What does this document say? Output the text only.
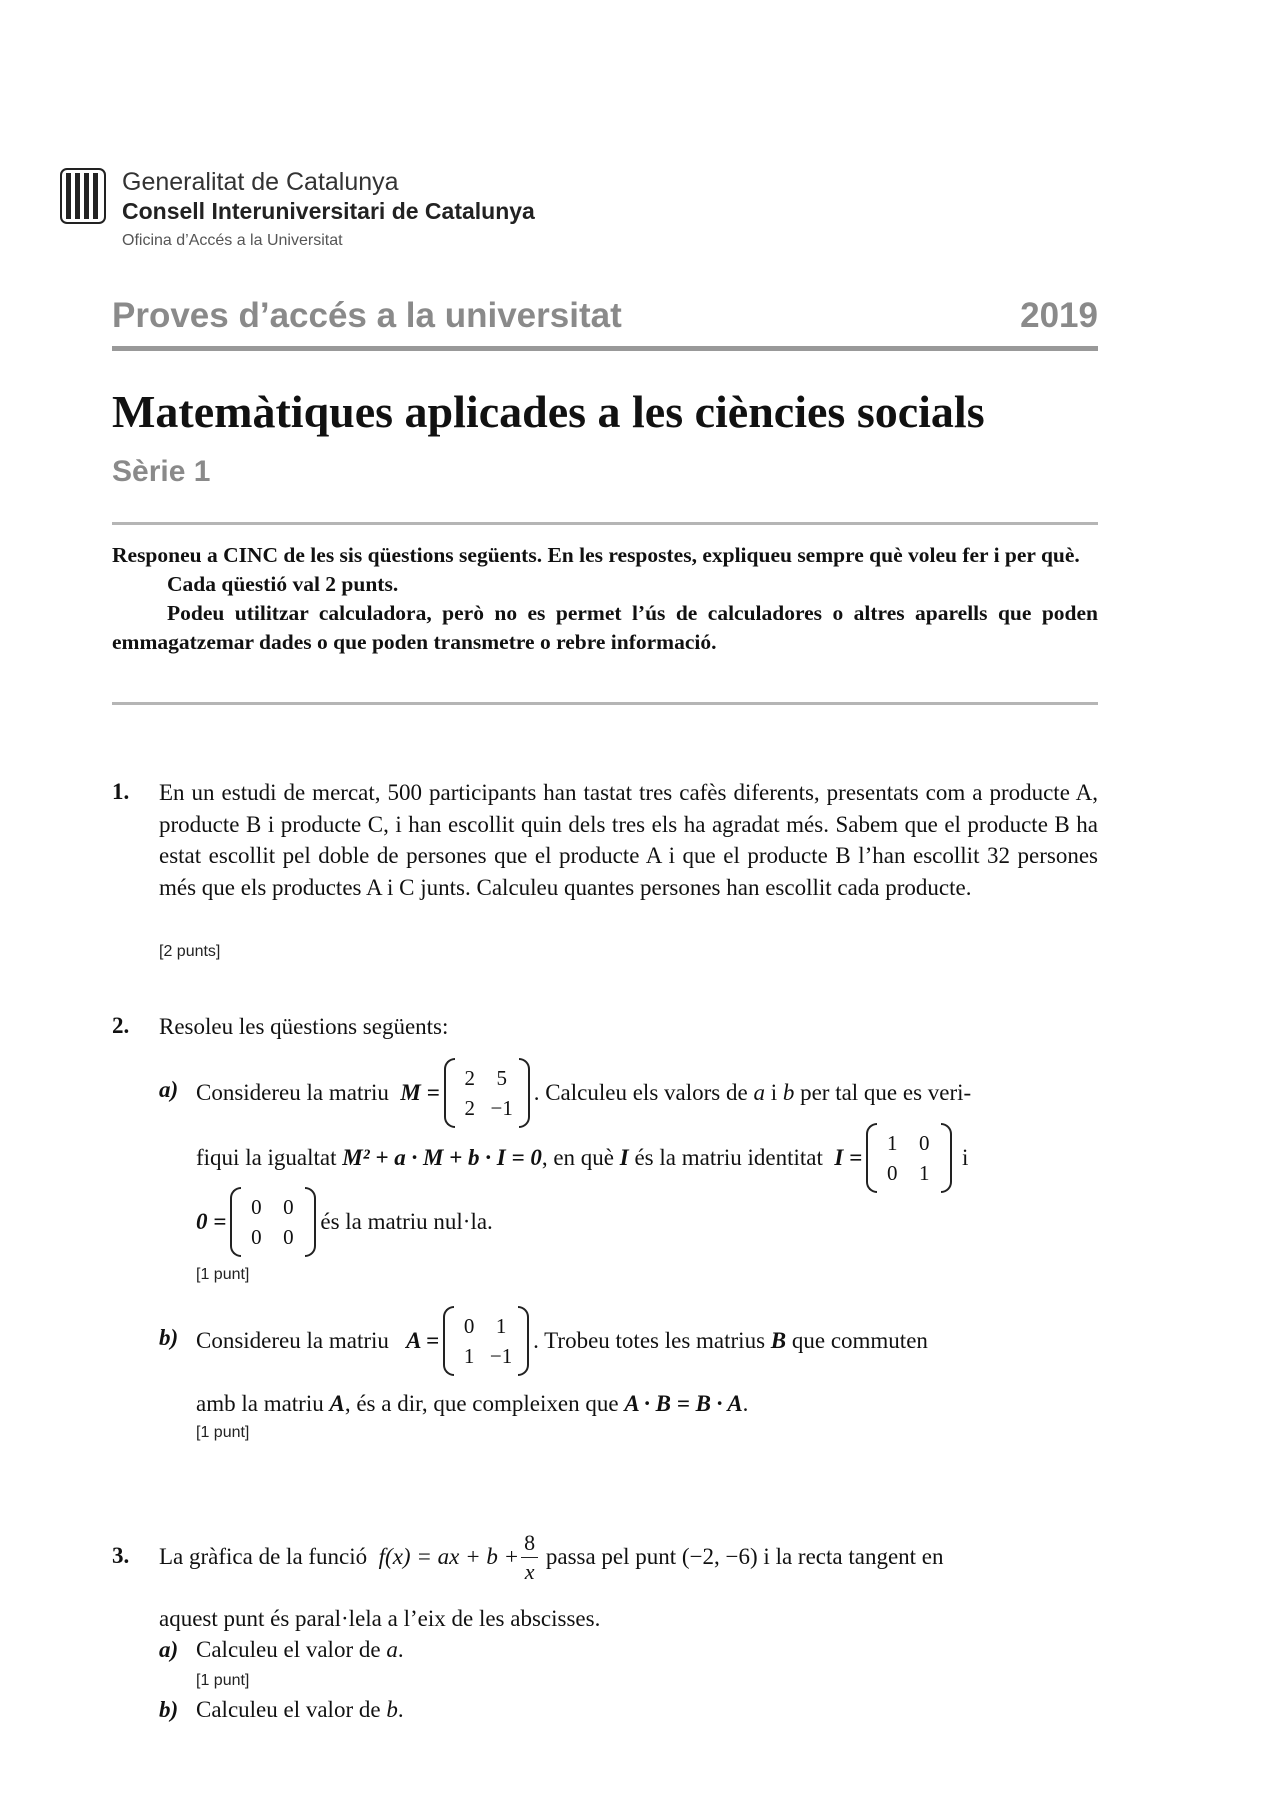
Generalitat de Catalunya
Consell Interuniversitari de Catalunya
Oficina d’Accés a la Universitat
Proves d’accés a la universitat	2019
Matemàtiques aplicades a les ciències socials
Sèrie 1

Responeu a CINC de les sis qüestions següents. En les respostes, expliqueu sempre què voleu fer i per què.

Cada qüestió val 2 punts.

Podeu utilitzar calculadora, però no es permet l’ús de calculadores o altres aparells que poden emmagatzemar dades o que poden transmetre o rebre informació.

1. En un estudi de mercat, 500 participants han tastat tres cafès diferents, presentats com a producte A, producte B i producte C, i han escollit quin dels tres els ha agradat més. Sabem que el producte B ha estat escollit pel doble de persones que el producte A i que el producte B l’han escollit 32 persones més que els productes A i C junts. Calculeu quantes persones han escollit cada producte.
[2 punts]
2. Resoleu les qüestions següents:
a) Considereu la matriu
M =
2	5
2 −1
. Calculeu els valors de
a
i
b
per tal que es veri-
fiqui la igualtat
M² + a · M + b · I = 0 , en què
I
és la matriu identitat
I =
1	0
0	1

i
0 =
0	0
0	0
és la matriu nul·la.
[1 punt]
b) Considereu la matriu
A =
0	1
1 −1
. Trobeu totes les matrius
B
que commuten
amb la matriu A, és a dir, que compleixen que A · B = B · A.
[1 punt]
3. La gràfica de la funció
f(x) = ax + $b + \frac{8}{x}$
passa pel punt (−2, −6) i la recta tangent en
aquest punt és paral·lela a l’eix de les abscisses.
a) Calculeu el valor de a.
[1 punt]
b) Calculeu el valor de b.
